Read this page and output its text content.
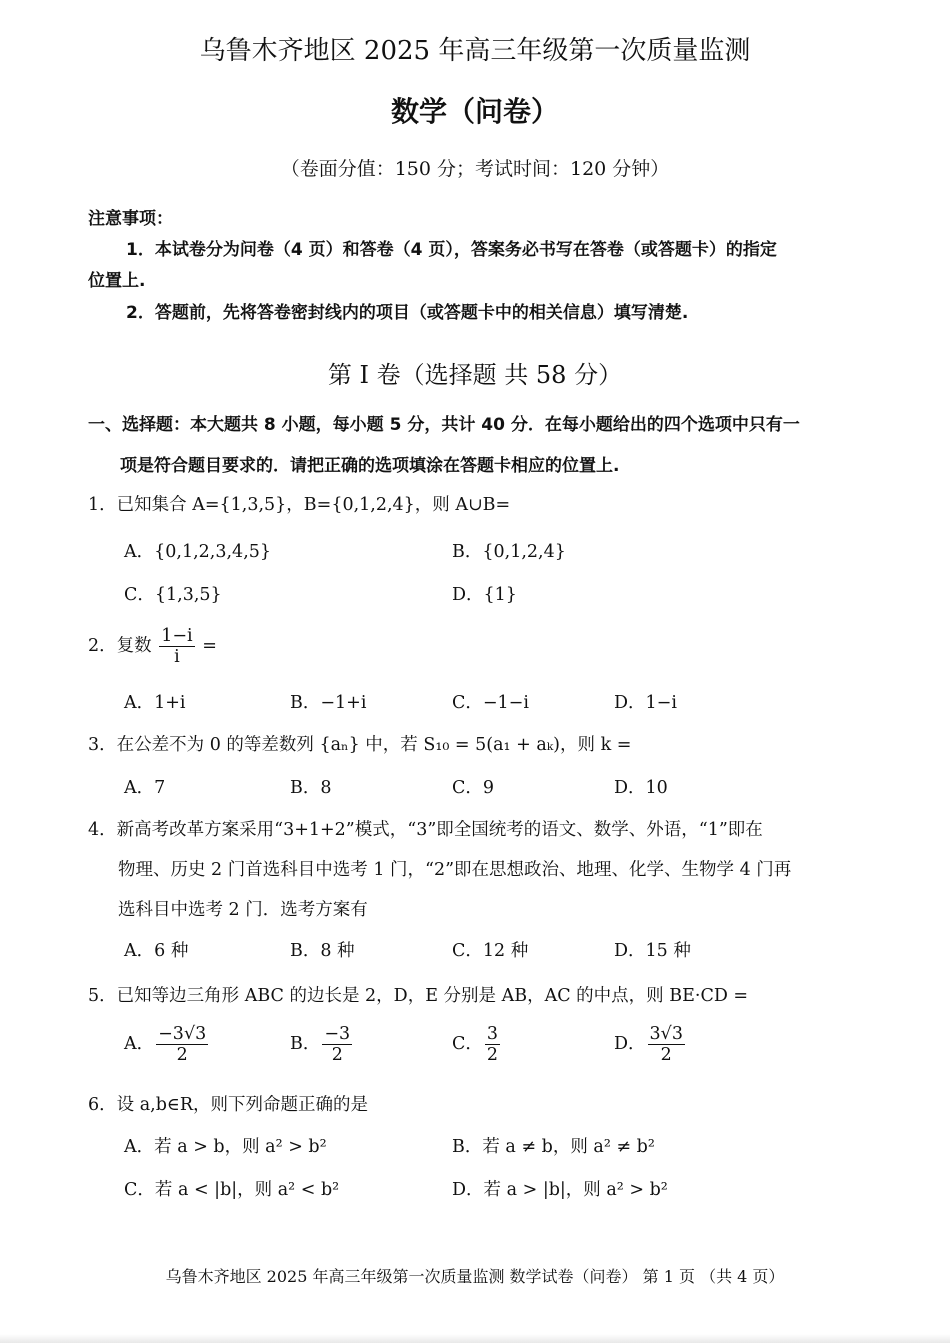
乌鲁木齐地区 2025 年高三年级第一次质量监测
数学（问卷）
（卷面分值：150 分；考试时间：120 分钟）
注意事项：
1．本试卷分为问卷（4 页）和答卷（4 页），答案务必书写在答卷（或答题卡）的指定
位置上.
2．答题前，先将答卷密封线内的项目（或答题卡中的相关信息）填写清楚.
第 I 卷（选择题 共 58 分）
一、选择题：本大题共 8 小题，每小题 5 分，共计 40 分．在每小题给出的四个选项中只有一
项是符合题目要求的．请把正确的选项填涂在答题卡相应的位置上.
1．已知集合 A={1,3,5}，B={0,1,2,4}，则 A∪B=
A．{0,1,2,3,4,5}	B．{0,1,2,4}
C．{1,3,5}	D．{1}
2．复数 $\frac{1-i}{i}$ =
A．1+i	B．−1+i	C．−1−i	D．1−i
3．在公差不为 0 的等差数列 {aₙ} 中，若 S₁₀ = 5(a₁ + aₖ)，则 k =
A．7	B．8	C．9	D．10
4．新高考改革方案采用“3+1+2”模式，“3”即全国统考的语文、数学、外语，“1”即在
物理、历史 2 门首选科目中选考 1 门，“2”即在思想政治、地理、化学、生物学 4 门再
选科目中选考 2 门．选考方案有
A．6 种	B．8 种	C．12 种	D．15 种
5．已知等边三角形 ABC 的边长是 2，D，E 分别是 AB，AC 的中点，则 BE·CD =
A． $\frac{-3√3}{2}$	B． $\frac{-3}{2}$	C． $\frac{3}{2}$	D． $\frac{3√3}{2}$
6．设 a,b∈R，则下列命题正确的是
A．若 a > b，则 a² > b²	B．若 a ≠ b，则 a² ≠ b²
C．若 a < |b|，则 a² < b²	D．若 a > |b|，则 a² > b²
乌鲁木齐地区 2025 年高三年级第一次质量监测 数学试卷（问卷） 第 1 页 （共 4 页）
